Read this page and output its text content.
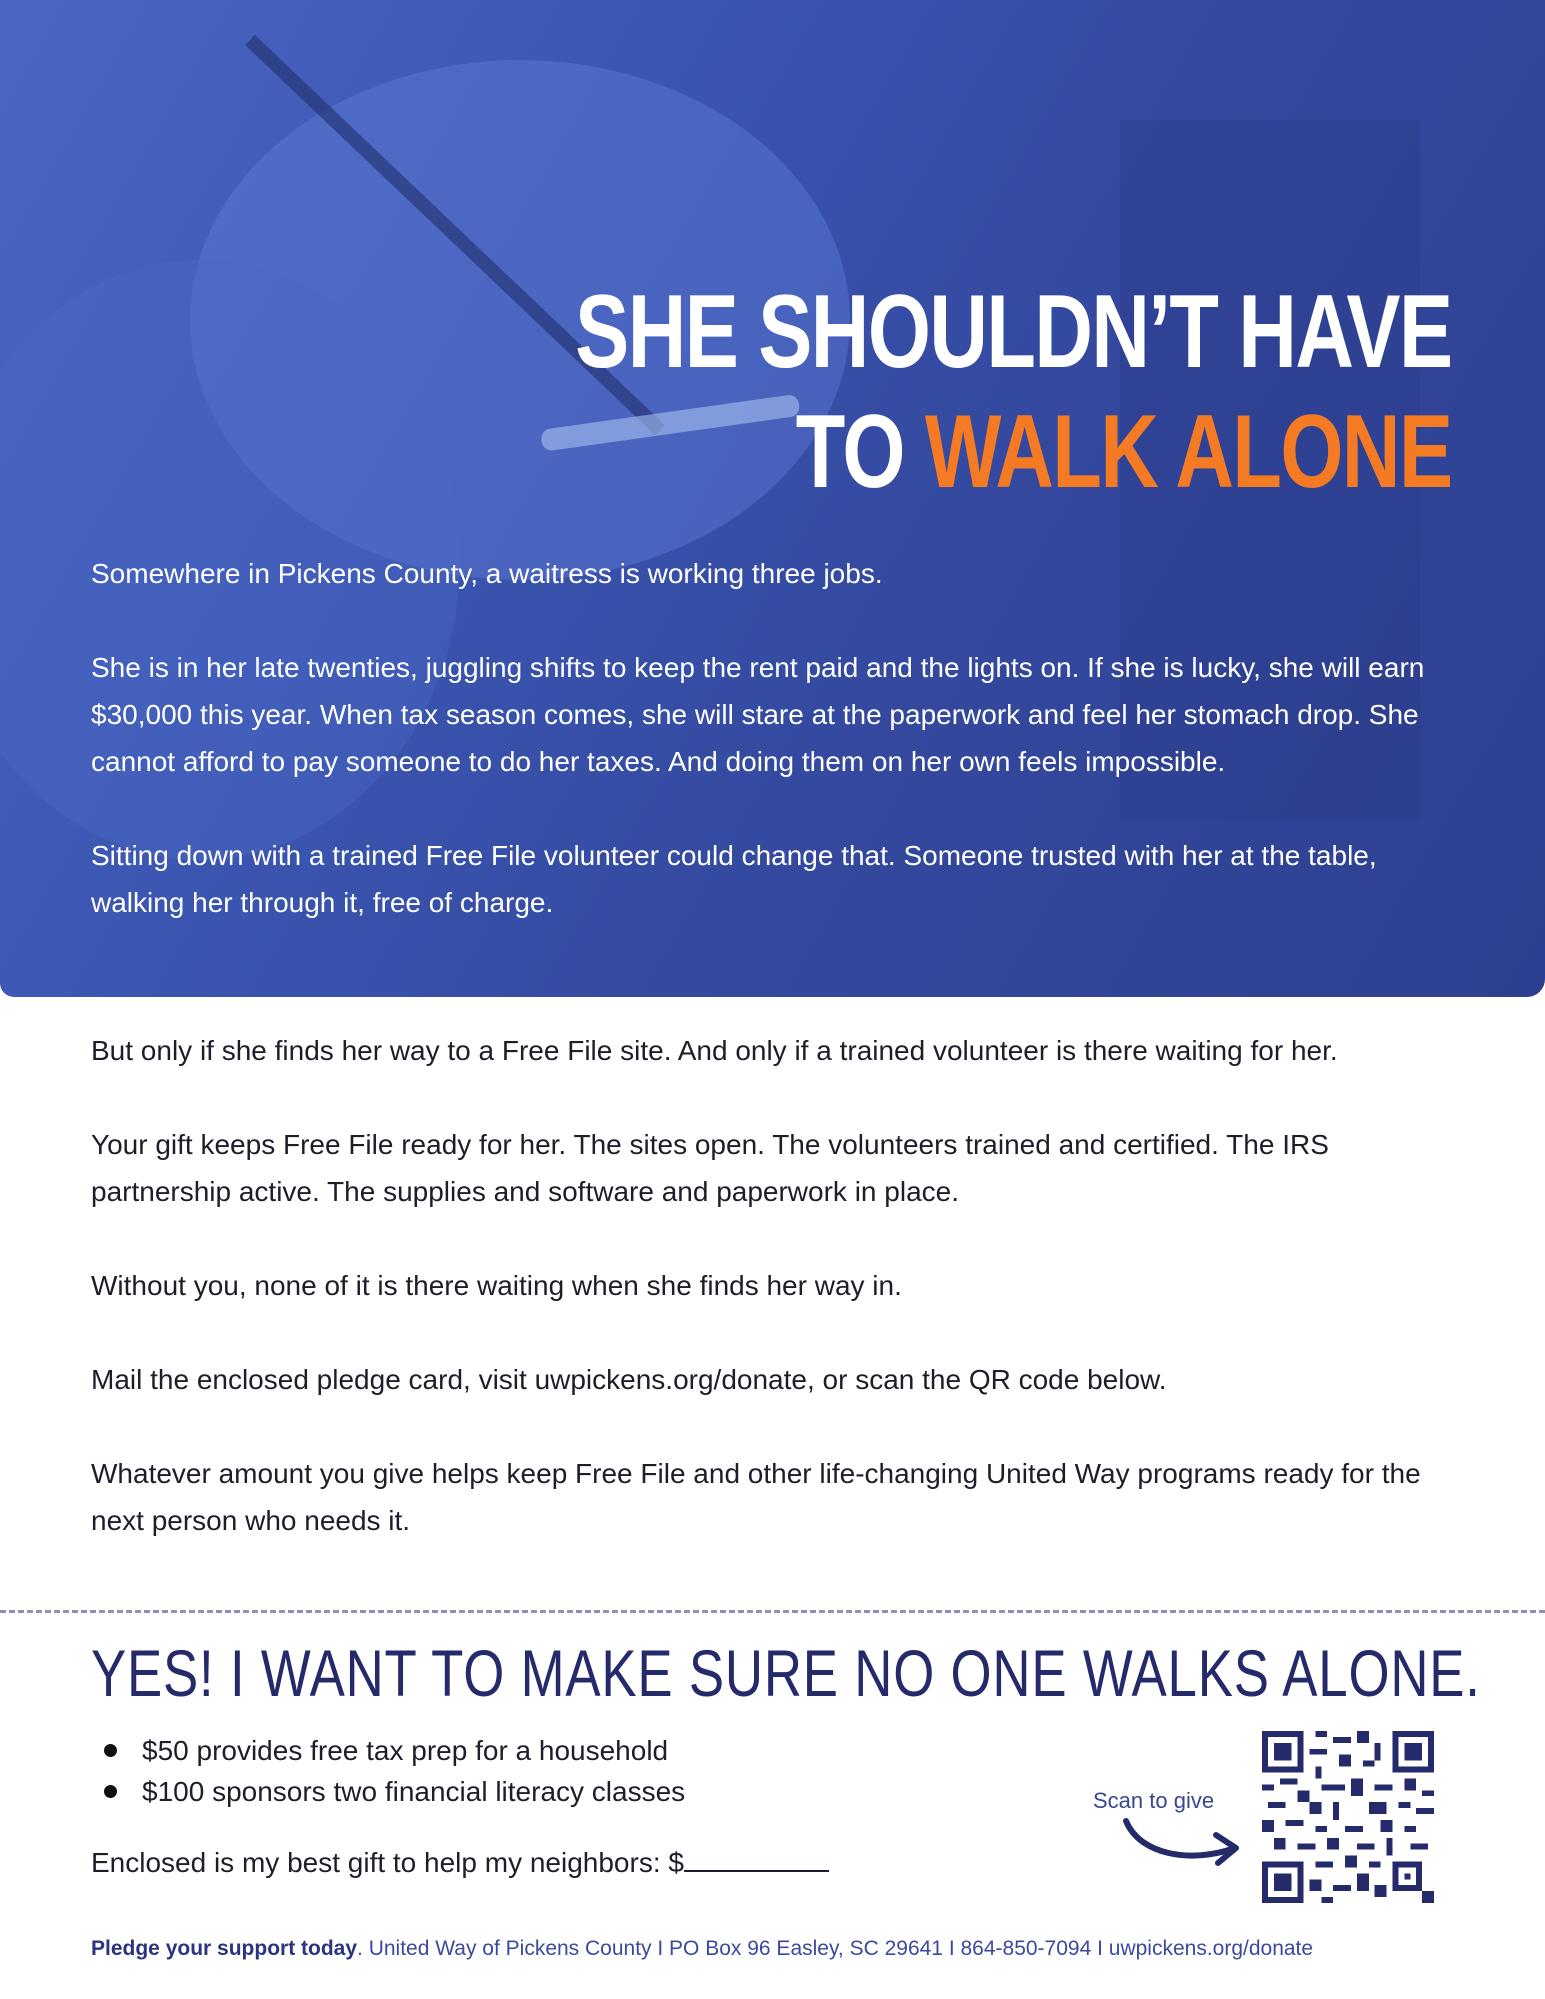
SHE SHOULDN’T HAVE
TO WALK ALONE

Somewhere in Pickens County, a waitress is working three jobs.

She is in her late twenties, juggling shifts to keep the rent paid and the lights on. If she is lucky, she will earn $30,000 this year. When tax season comes, she will stare at the paperwork and feel her stomach drop. She cannot afford to pay someone to do her taxes. And doing them on her own feels impossible.

Sitting down with a trained Free File volunteer could change that. Someone trusted with her at the table, walking her through it, free of charge.

But only if she finds her way to a Free File site. And only if a trained volunteer is there waiting for her.

Your gift keeps Free File ready for her. The sites open. The volunteers trained and certified. The IRS partnership active. The supplies and software and paperwork in place.

Without you, none of it is there waiting when she finds her way in.

Mail the enclosed pledge card, visit uwpickens.org/donate, or scan the QR code below.

Whatever amount you give helps keep Free File and other life-changing United Way programs ready for the next person who needs it.

YES! I WANT TO MAKE SURE NO ONE WALKS ALONE.
$50 provides free tax prep for a household
$100 sponsors two financial literacy classes
Enclosed is my best gift to help my neighbors: $
Scan to give
Pledge your support today. United Way of Pickens County I PO Box 96 Easley, SC 29641 I 864-850-7094 I uwpickens.org/donate
